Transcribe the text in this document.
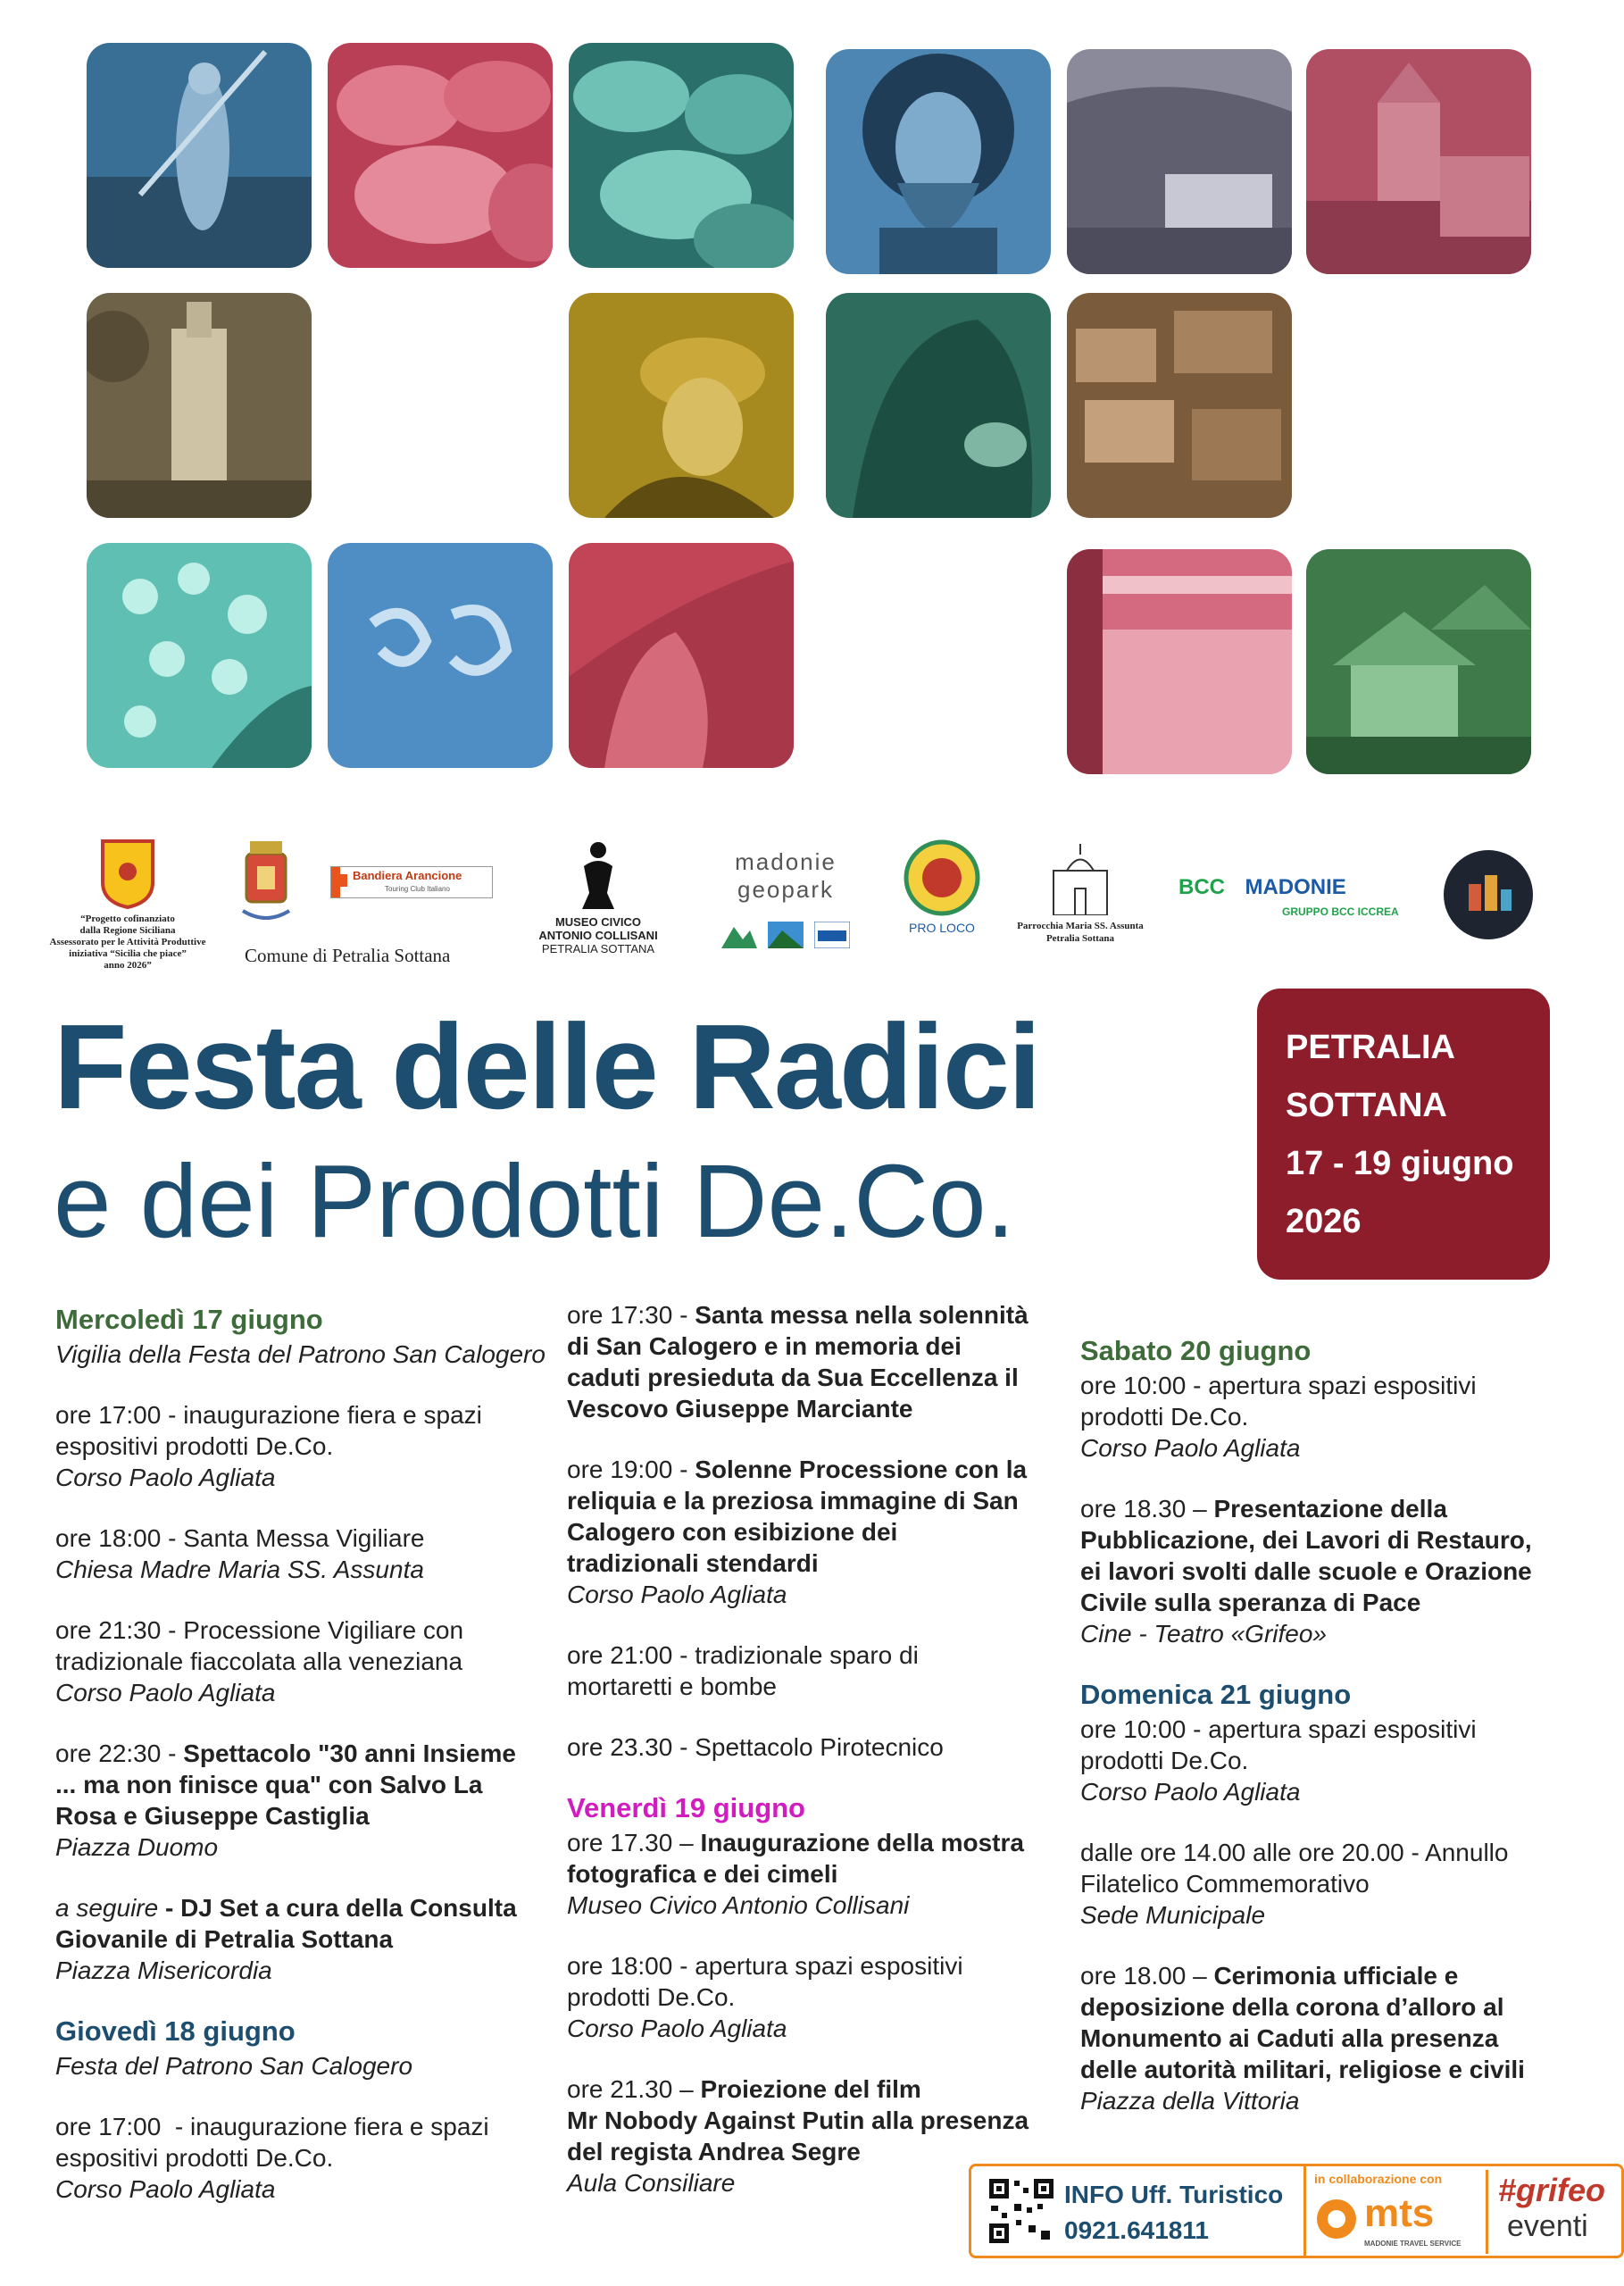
“Progetto cofinanziato
dalla Regione Siciliana
Assessorato per le Attività Produttive
iniziativa “Sicilia che piace”
anno 2026”
Bandiera Arancione
Touring Club Italiano
Comune di Petralia Sottana
MUSEO CIVICO
ANTONIO COLLISANI
PETRALIA SOTTANA
madonie geopark
PRO LOCO	Parrocchia Maria SS. Assunta
Petralia Sottana
BCC MADONIE
GRUPPO BCC ICCREA
Festa delle Radici
e dei Prodotti De.Co.
PETRALIA
SOTTANA
17 - 19 giugno
2026
Mercoledì 17 giugno

Vigilia della Festa del Patrono San Calogero

ore 17:00 - inaugurazione fiera e spazi
espositivi prodotti De.Co.
Corso Paolo Agliata

ore 18:00 - Santa Messa Vigiliare
Chiesa Madre Maria SS. Assunta

ore 21:30 - Processione Vigiliare con
tradizionale fiaccolata alla veneziana
Corso Paolo Agliata

ore 22:30 - Spettacolo "30 anni Insieme
... ma non finisce qua" con Salvo La
Rosa e Giuseppe Castiglia
Piazza Duomo

a seguire - DJ Set a cura della Consulta
Giovanile di Petralia Sottana
Piazza Misericordia

Giovedì 18 giugno

Festa del Patrono San Calogero

ore 17:00  - inaugurazione fiera e spazi
espositivi prodotti De.Co.
Corso Paolo Agliata

ore 17:30 - Santa messa nella solennità
di San Calogero e in memoria dei
caduti presieduta da Sua Eccellenza il
Vescovo Giuseppe Marciante

ore 19:00 - Solenne Processione con la
reliquia e la preziosa immagine di San
Calogero con esibizione dei
tradizionali stendardi
Corso Paolo Agliata

ore 21:00 - tradizionale sparo di
mortaretti e bombe

ore 23.30 - Spettacolo Pirotecnico

Venerdì 19 giugno

ore 17.30 – Inaugurazione della mostra
fotografica e dei cimeli
Museo Civico Antonio Collisani

ore 18:00 - apertura spazi espositivi
prodotti De.Co.
Corso Paolo Agliata

ore 21.30 – Proiezione del film
Mr Nobody Against Putin alla presenza
del regista Andrea Segre
Aula Consiliare

Sabato 20 giugno

ore 10:00 - apertura spazi espositivi
prodotti De.Co.
Corso Paolo Agliata

ore 18.30 – Presentazione della
Pubblicazione, dei Lavori di Restauro,
ei lavori svolti dalle scuole e Orazione
Civile sulla speranza di Pace
Cine - Teatro «Grifeo»

Domenica 21 giugno

ore 10:00 - apertura spazi espositivi
prodotti De.Co.
Corso Paolo Agliata

dalle ore 14.00 alle ore 20.00 - Annullo
Filatelico Commemorativo
Sede Municipale

ore 18.00 – Cerimonia ufficiale e
deposizione della corona d’alloro al
Monumento ai Caduti alla presenza
delle autorità militari, religiose e civili
Piazza della Vittoria

INFO Uff. Turistico
0921.641811
in collaborazione con
mts
MADONIE TRAVEL SERVICE
#grifeo
eventi
